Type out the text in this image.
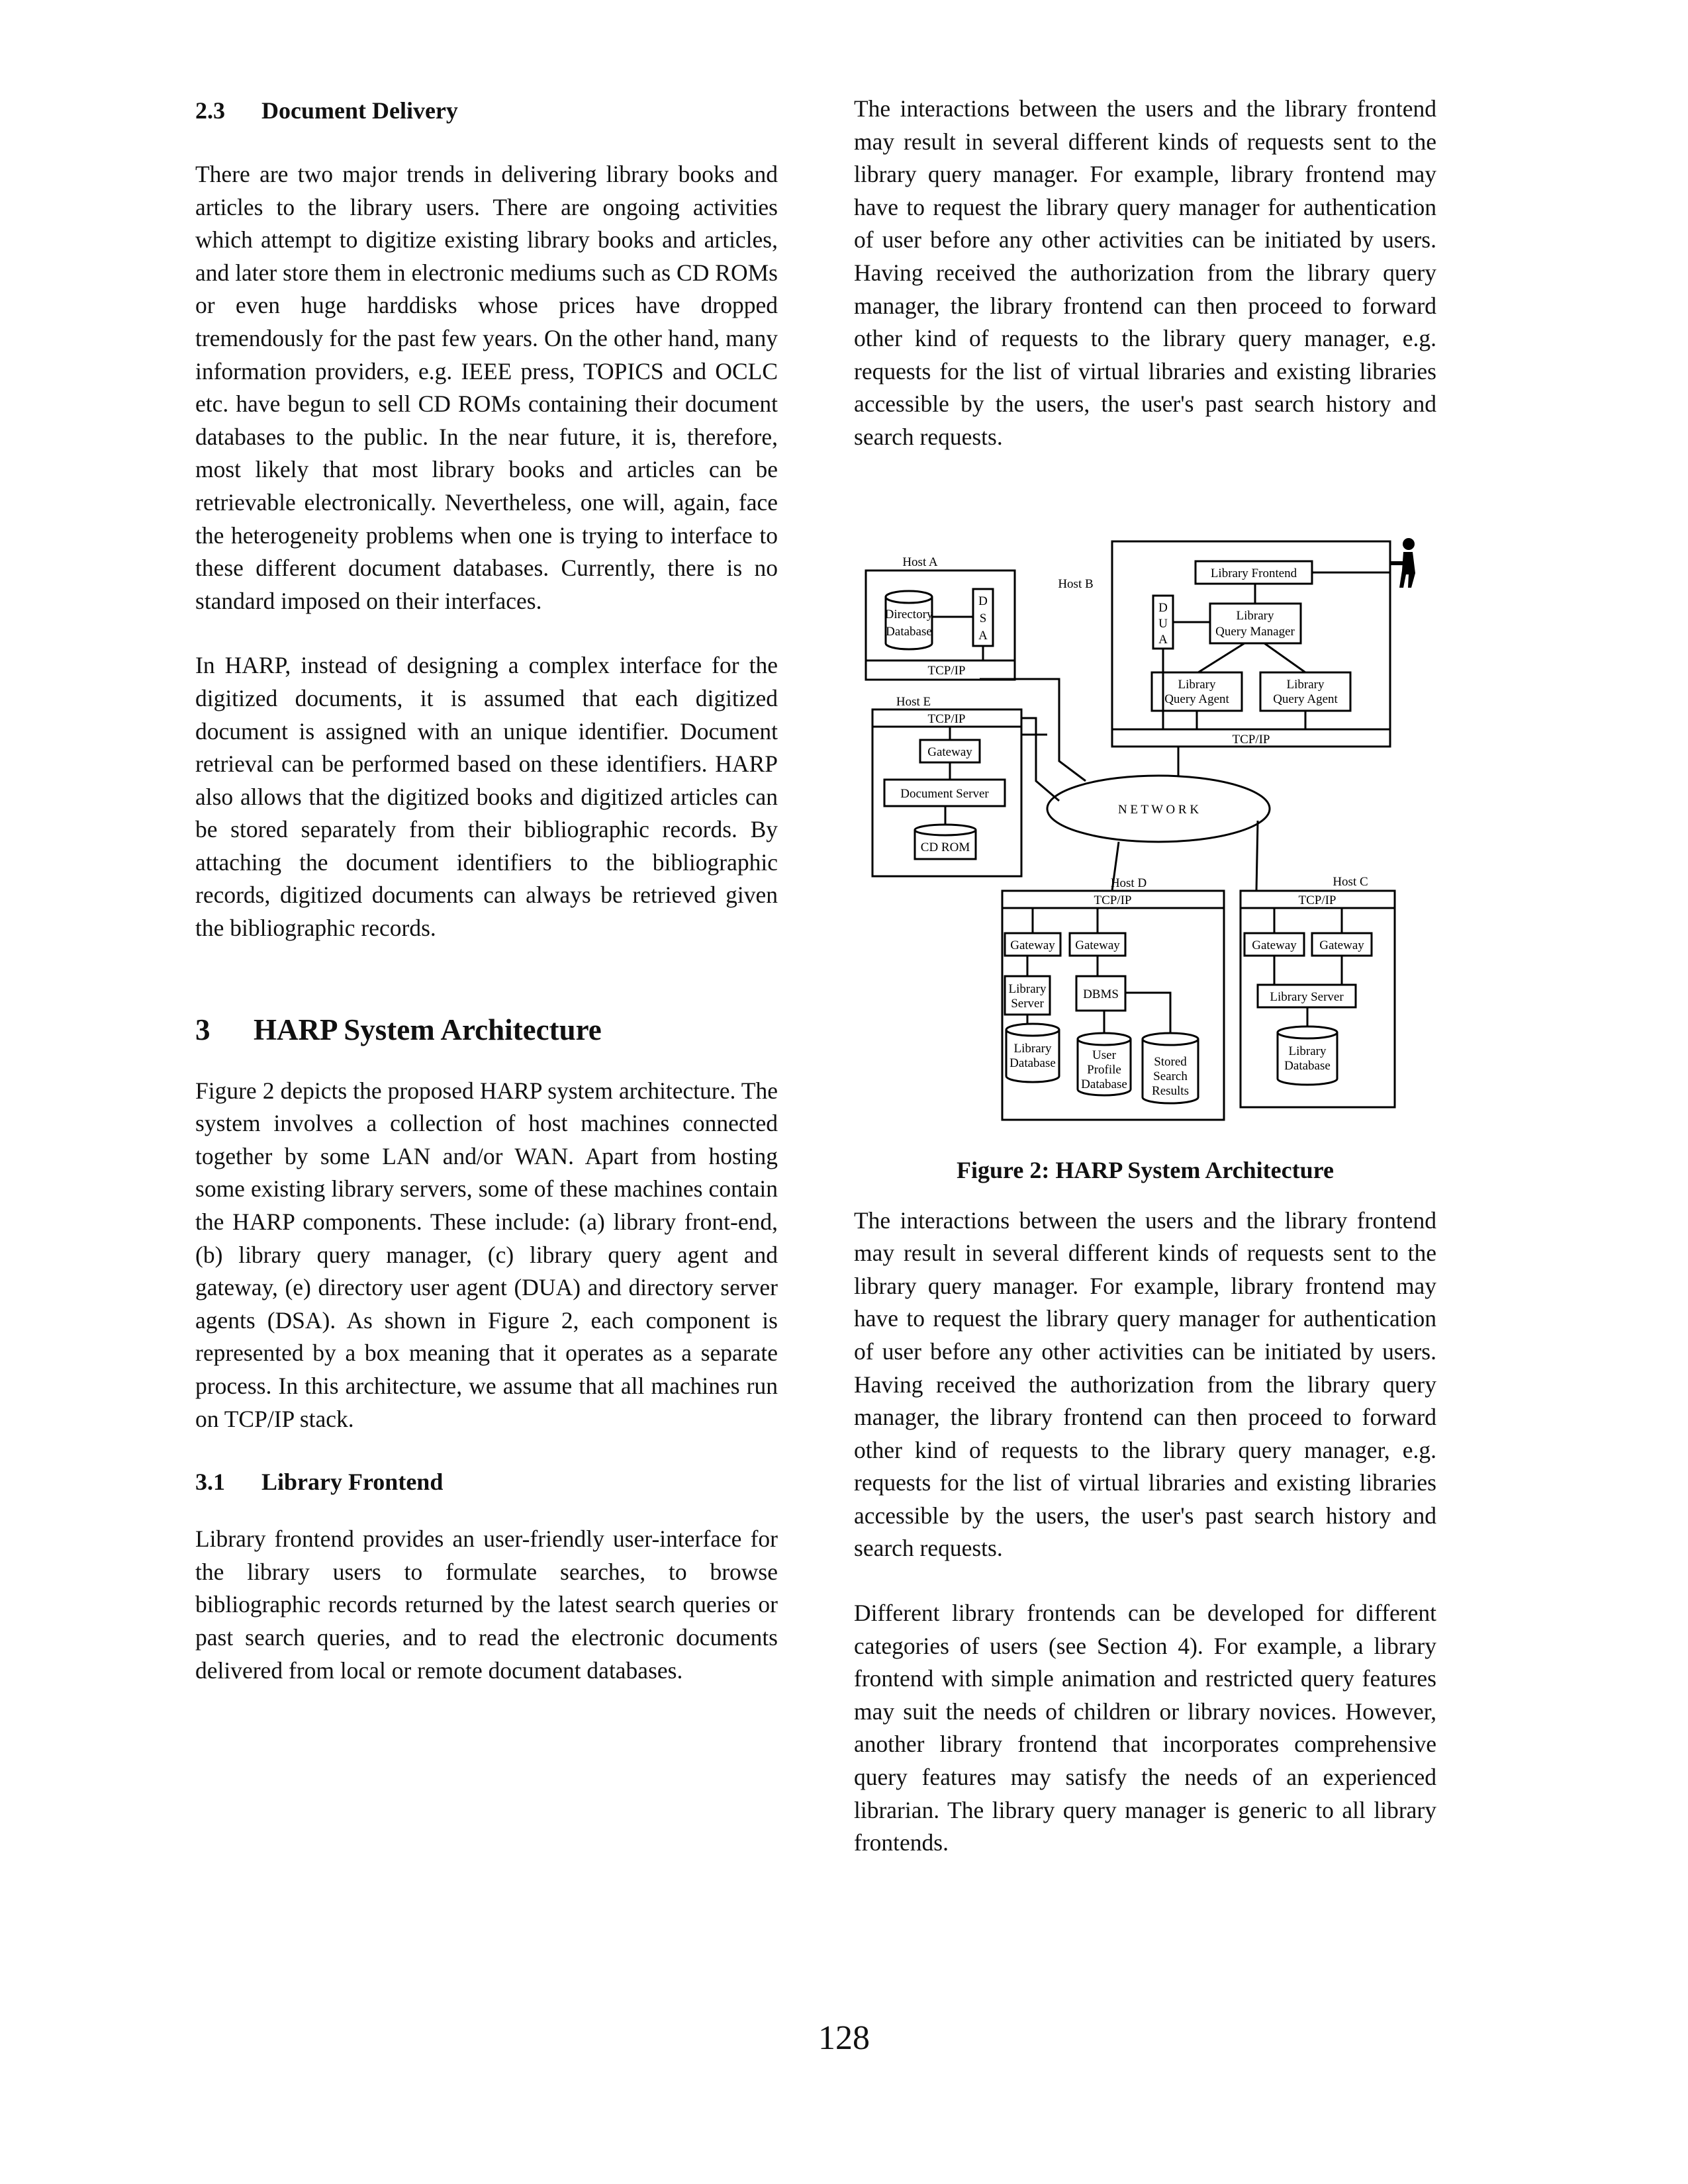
2.3 Document Delivery

There are two major trends in delivering library books and articles to the library users. There are ongoing activities which attempt to digitize existing library books and articles, and later store them in electronic mediums such as CD ROMs or even huge harddisks whose prices have dropped tremendously for the past few years. On the other hand, many information providers, e.g. IEEE press, TOPICS and OCLC etc. have begun to sell CD ROMs containing their document databases to the public. In the near future, it is, therefore, most likely that most library books and articles can be retrievable electronically. Nevertheless, one will, again, face the heterogeneity problems when one is trying to interface to these different document databases. Currently, there is no standard imposed on their interfaces.

In HARP, instead of designing a complex interface for the digitized documents, it is assumed that each digitized document is assigned with an unique identifier. Document retrieval can be performed based on these identifiers. HARP also allows that the digitized books and digitized articles can be stored separately from their bibliographic records. By attaching the document identifiers to the bibliographic records, digitized documents can always be retrieved given the bibliographic records.

3 HARP System Architecture

Figure 2 depicts the proposed HARP system architecture. The system involves a collection of host machines connected together by some LAN and/or WAN. Apart from hosting some existing library servers, some of these machines contain the HARP components. These include: (a) library front-end, (b) library query manager, (c) library query agent and gateway, (e) directory user agent (DUA) and directory server agents (DSA). As shown in Figure 2, each component is represented by a box meaning that it operates as a separate process. In this architecture, we assume that all machines run on TCP/IP stack.

3.1 Library Frontend

Library frontend provides an user-friendly user-interface for the library users to formulate searches, to browse bibliographic records returned by the latest search queries or past search queries, and to read the electronic documents delivered from local or remote document databases.

The interactions between the users and the library frontend may result in several different kinds of requests sent to the library query manager. For example, library frontend may have to request the library query manager for authentication of user before any other activities can be initiated by users. Having received the authorization from the library query manager, the library frontend can then proceed to forward other kind of requests to the library query manager, e.g. requests for the list of virtual libraries and existing libraries accessible by the users, the user's past search history and search requests.

Figure 2: HARP System Architecture

The interactions between the users and the library frontend may result in several different kinds of requests sent to the library query manager. For example, library frontend may have to request the library query manager for authentication of user before any other activities can be initiated by users. Having received the authorization from the library query manager, the library frontend can then proceed to forward other kind of requests to the library query manager, e.g. requests for the list of virtual libraries and existing libraries accessible by the users, the user's past search history and search requests.

Different library frontends can be developed for different categories of users (see Section 4). For example, a library frontend with simple animation and restricted query features may suit the needs of children or library novices. However, another library frontend that incorporates comprehensive query features may satisfy the needs of an experienced librarian. The library query manager is generic to all library frontends.

Host A
Host B
Host C
Host D
Host E
TCP/IP
TCP/IP
TCP/IP
TCP/IP	TCP/IP
Directory
Database
D
S
A
Library Frontend
D
U
A
Library
Query Manager
Library
Query Agent
Library
Query Agent
Gateway
Document Server
CD ROM
N E T W O R K
Gateway Gateway
Library
Server
DBMS
Library
Database
User
Profile
Database
Stored
Search
Results
Gateway Gateway
Library Server
Library
Database
128
